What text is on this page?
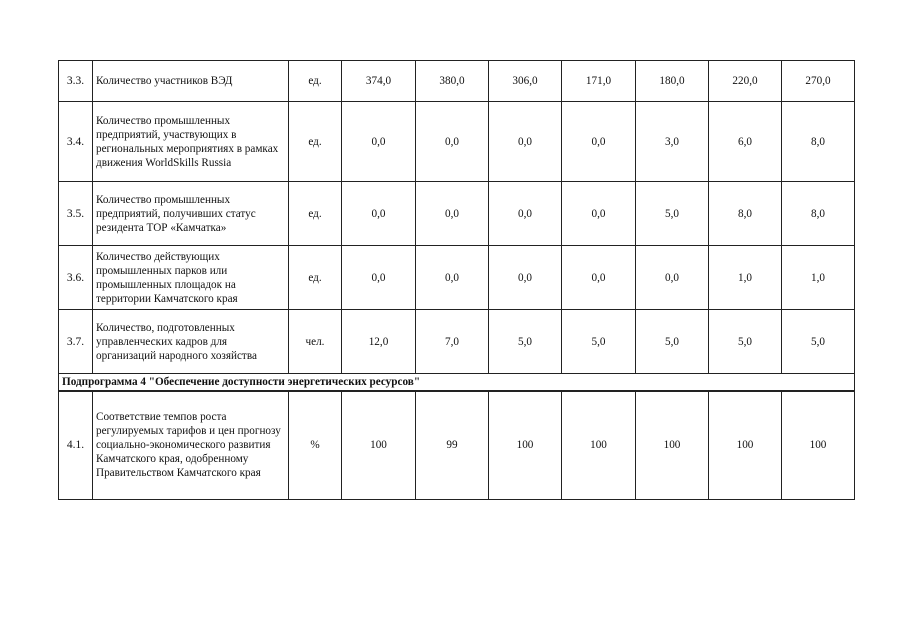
3.3.	Количество участников ВЭД	ед.	374,0	380,0	306,0	171,0	180,0	220,0	270,0
3.4.	Количество промышленных предприятий, участвующих в региональных мероприятиях в рамках движения WorldSkills Russia	ед.	0,0	0,0	0,0	0,0	3,0	6,0	8,0
3.5.	Количество промышленных предприятий, получивших статус резидента ТОР «Камчатка»	ед.	0,0	0,0	0,0	0,0	5,0	8,0	8,0
3.6.	Количество действующих промышленных парков или промышленных площадок на территории Камчатского края	ед.	0,0	0,0	0,0	0,0	0,0	1,0	1,0
3.7.	Количество, подготовленных управленческих кадров для организаций народного хозяйства	чел.	12,0	7,0	5,0	5,0	5,0	5,0	5,0
Подпрограмма 4 "Обеспечение доступности энергетических ресурсов"									
4.1.	Соответствие темпов роста регулируемых тарифов и цен прогнозу социально-экономического развития Камчатского края, одобренному Правительством Камчатского края	%	100	99	100	100	100	100	100
